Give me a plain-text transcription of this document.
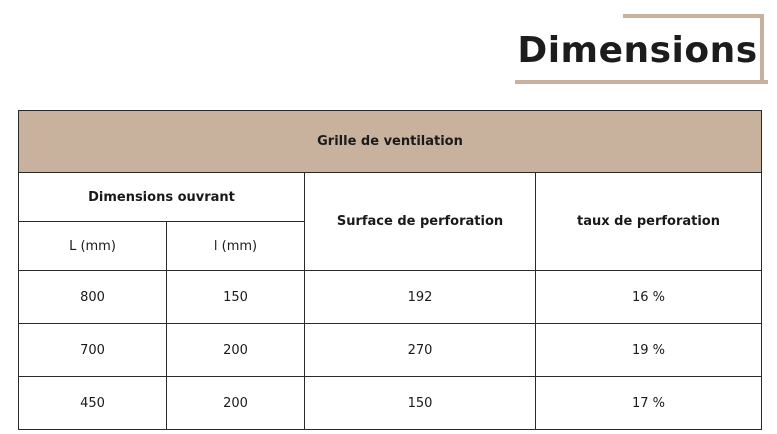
Dimensions
Grille de ventilation			
Dimensions ouvrant		Surface de perforation	taux de perforation
L (mm)	l (mm)		
800	150	192	16 %
700	200	270	19 %
450	200	150	17 %
